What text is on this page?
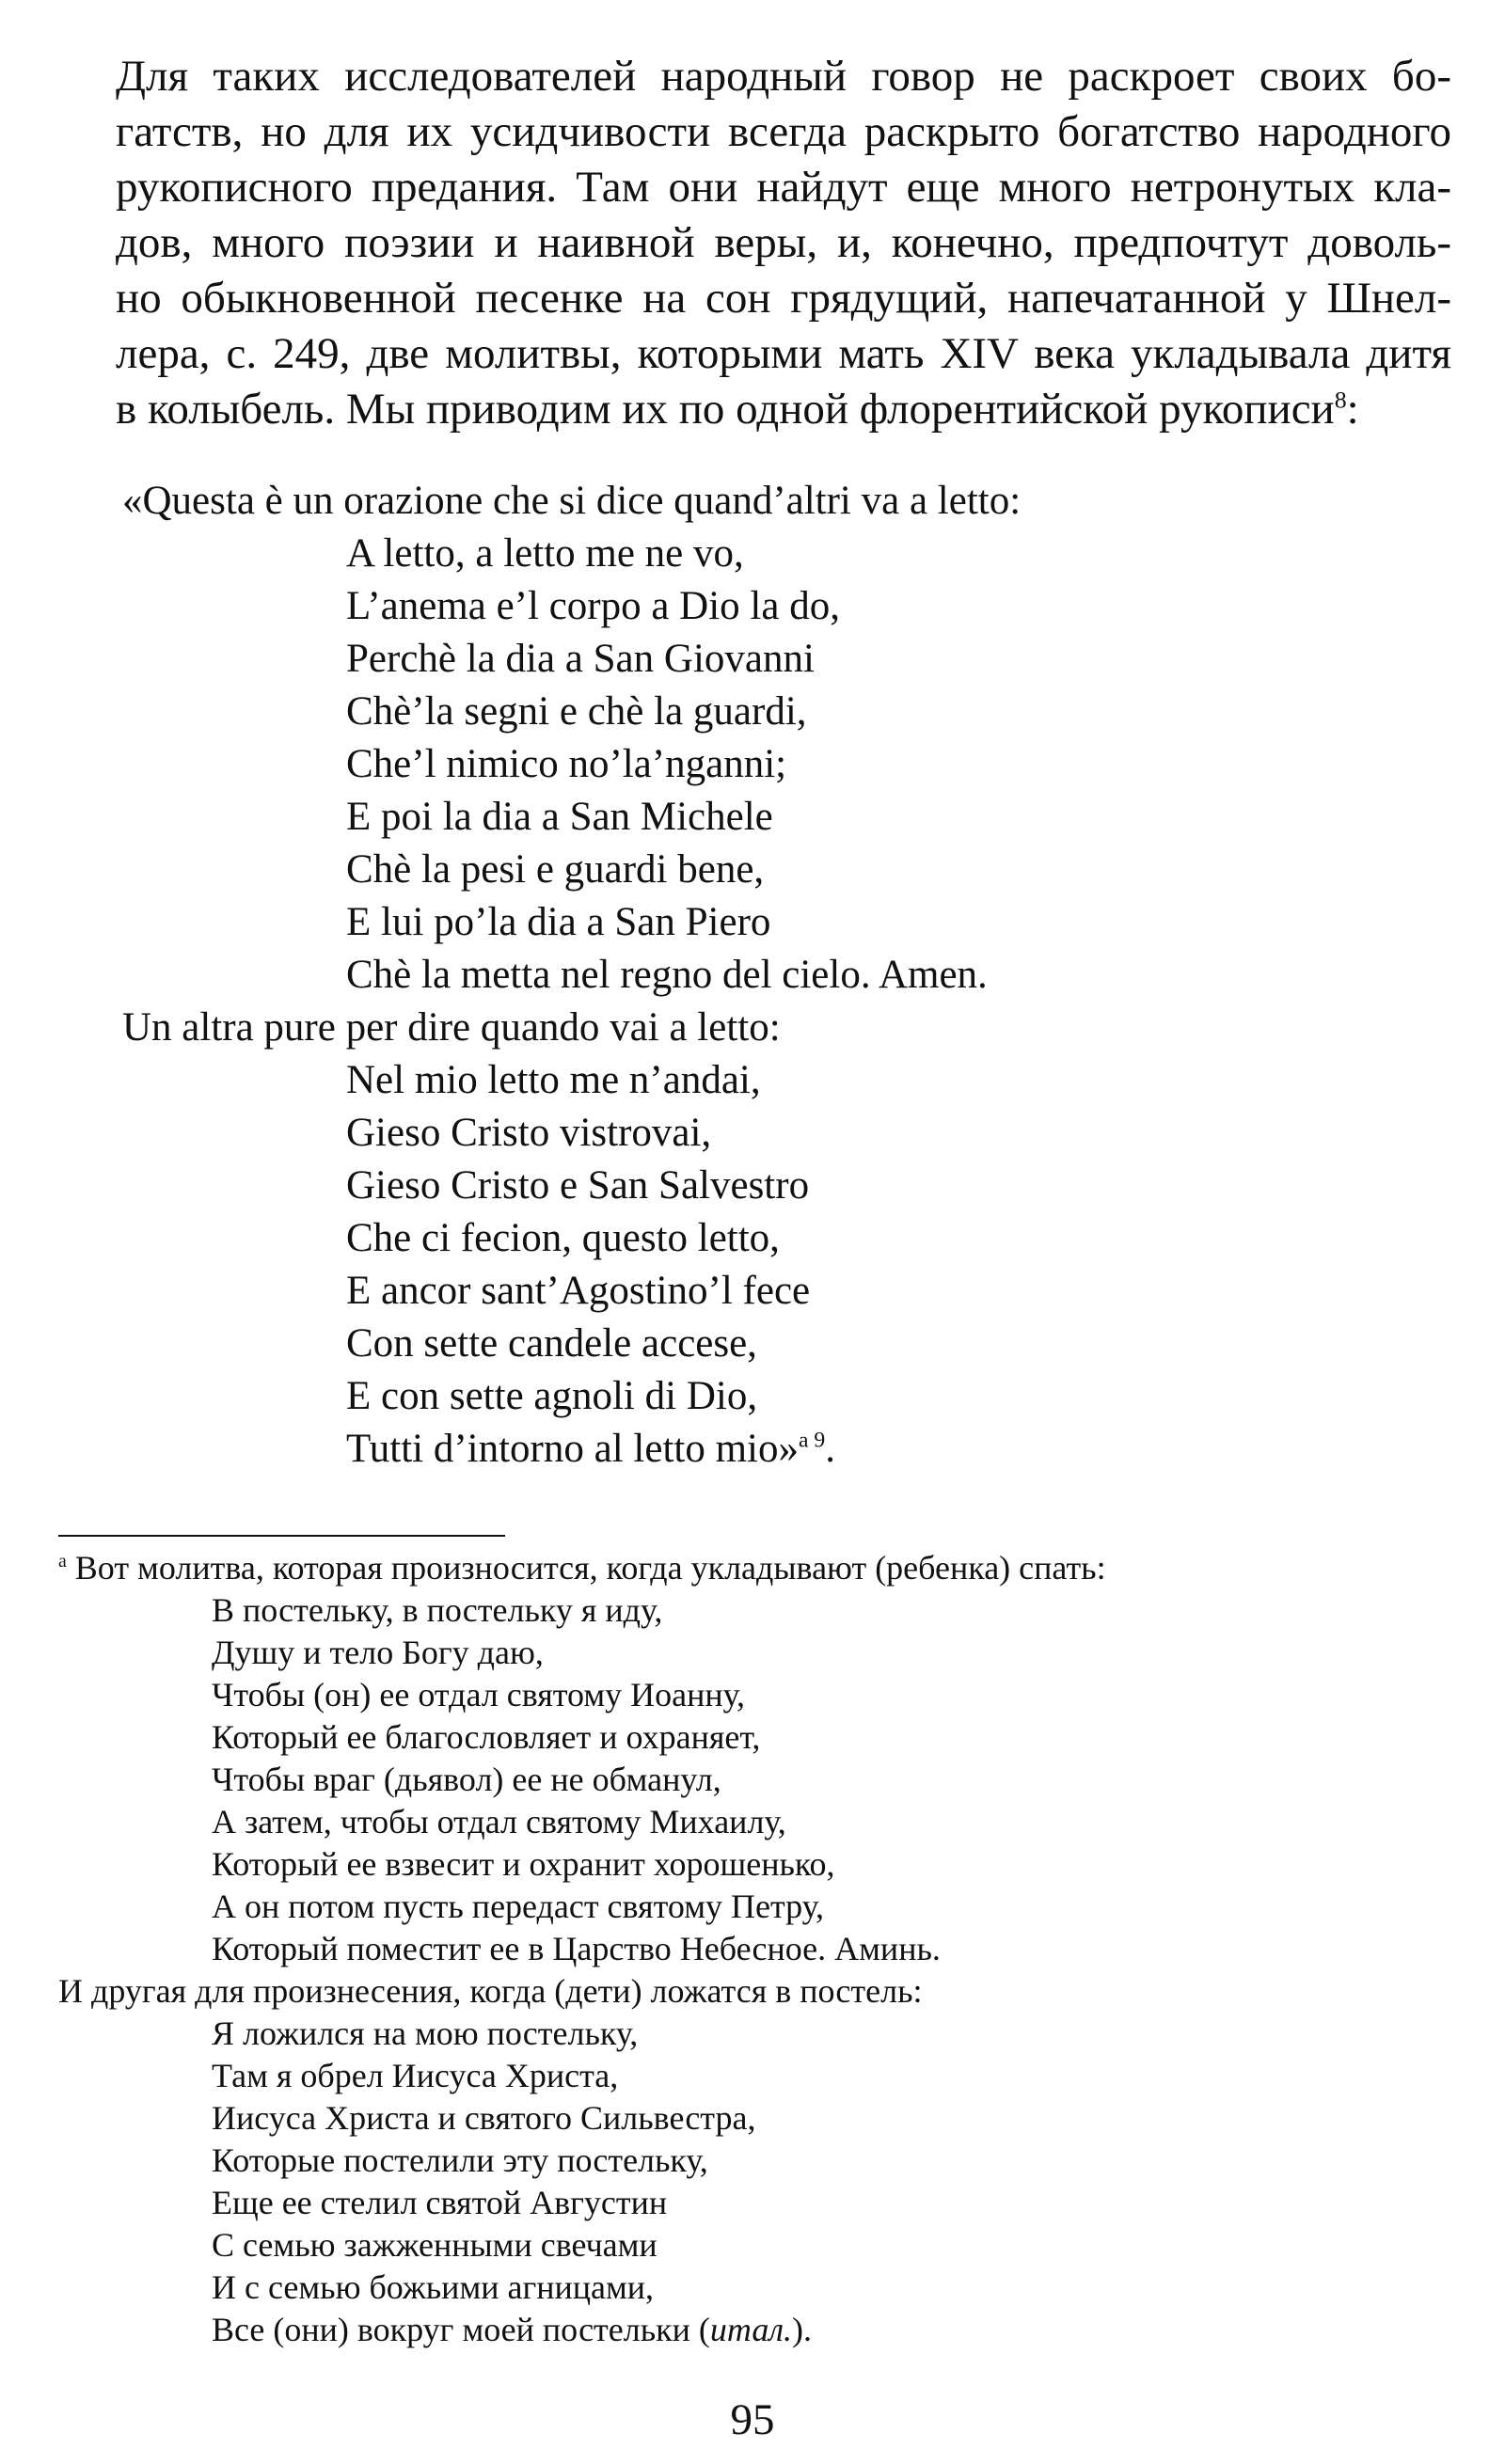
Для таких исследователей народный говор не раскроет своих бо-
гатств, но для их усидчивости всегда раскрыто богатство народного
рукописного предания. Там они найдут еще много нетронутых кла-
дов, много поэзии и наивной веры, и, конечно, предпочтут доволь-
но обыкновенной песенке на сон грядущий, напечатанной у Шнел-
лера, с. 249, две молитвы, которыми мать XIV века укладывала дитя
в колыбель. Мы приводим их по одной флорентийской рукописи$^8$:
«Questa è un orazione che si dice quand’altri va a letto:
A letto, a letto me ne vo,
L’anema e’l corpo a Dio la do,
Perchè la dia a San Giovanni
Chè’la segni e chè la guardi,
Che’l nimico no’la’nganni;
E poi la dia a San Michele
Chè la pesi e guardi bene,
E lui po’la dia a San Piero
Chè la metta nel regno del cielo. Amen.
Un altra pure per dire quando vai a letto:
Nel mio letto me n’andai,
Gieso Cristo vistrovai,
Gieso Cristo e San Salvestro
Che ci fecion, questo letto,
E ancor sant’Agostino’l fece
Con sette candele accese,
E con sette agnoli di Dio,
Tutti d’intorno al letto mio»$^{a 9}$.
$^a$ Вот молитва, которая произносится, когда укладывают (ребенка) спать:
В постельку, в постельку я иду,
Душу и тело Богу даю,
Чтобы (он) ее отдал святому Иоанну,
Который ее благословляет и охраняет,
Чтобы враг (дьявол) ее не обманул,
А затем, чтобы отдал святому Михаилу,
Который ее взвесит и охранит хорошенько,
А он потом пусть передаст святому Петру,
Который поместит ее в Царство Небесное. Аминь.
И другая для произнесения, когда (дети) ложатся в постель:
Я ложился на мою постельку,
Там я обрел Иисуса Христа,
Иисуса Христа и святого Сильвестра,
Которые постелили эту постельку,
Еще ее стелил святой Августин
С семью зажженными свечами
И с семью божьими агницами,
Все (они) вокруг моей постельки (итал.).
95
